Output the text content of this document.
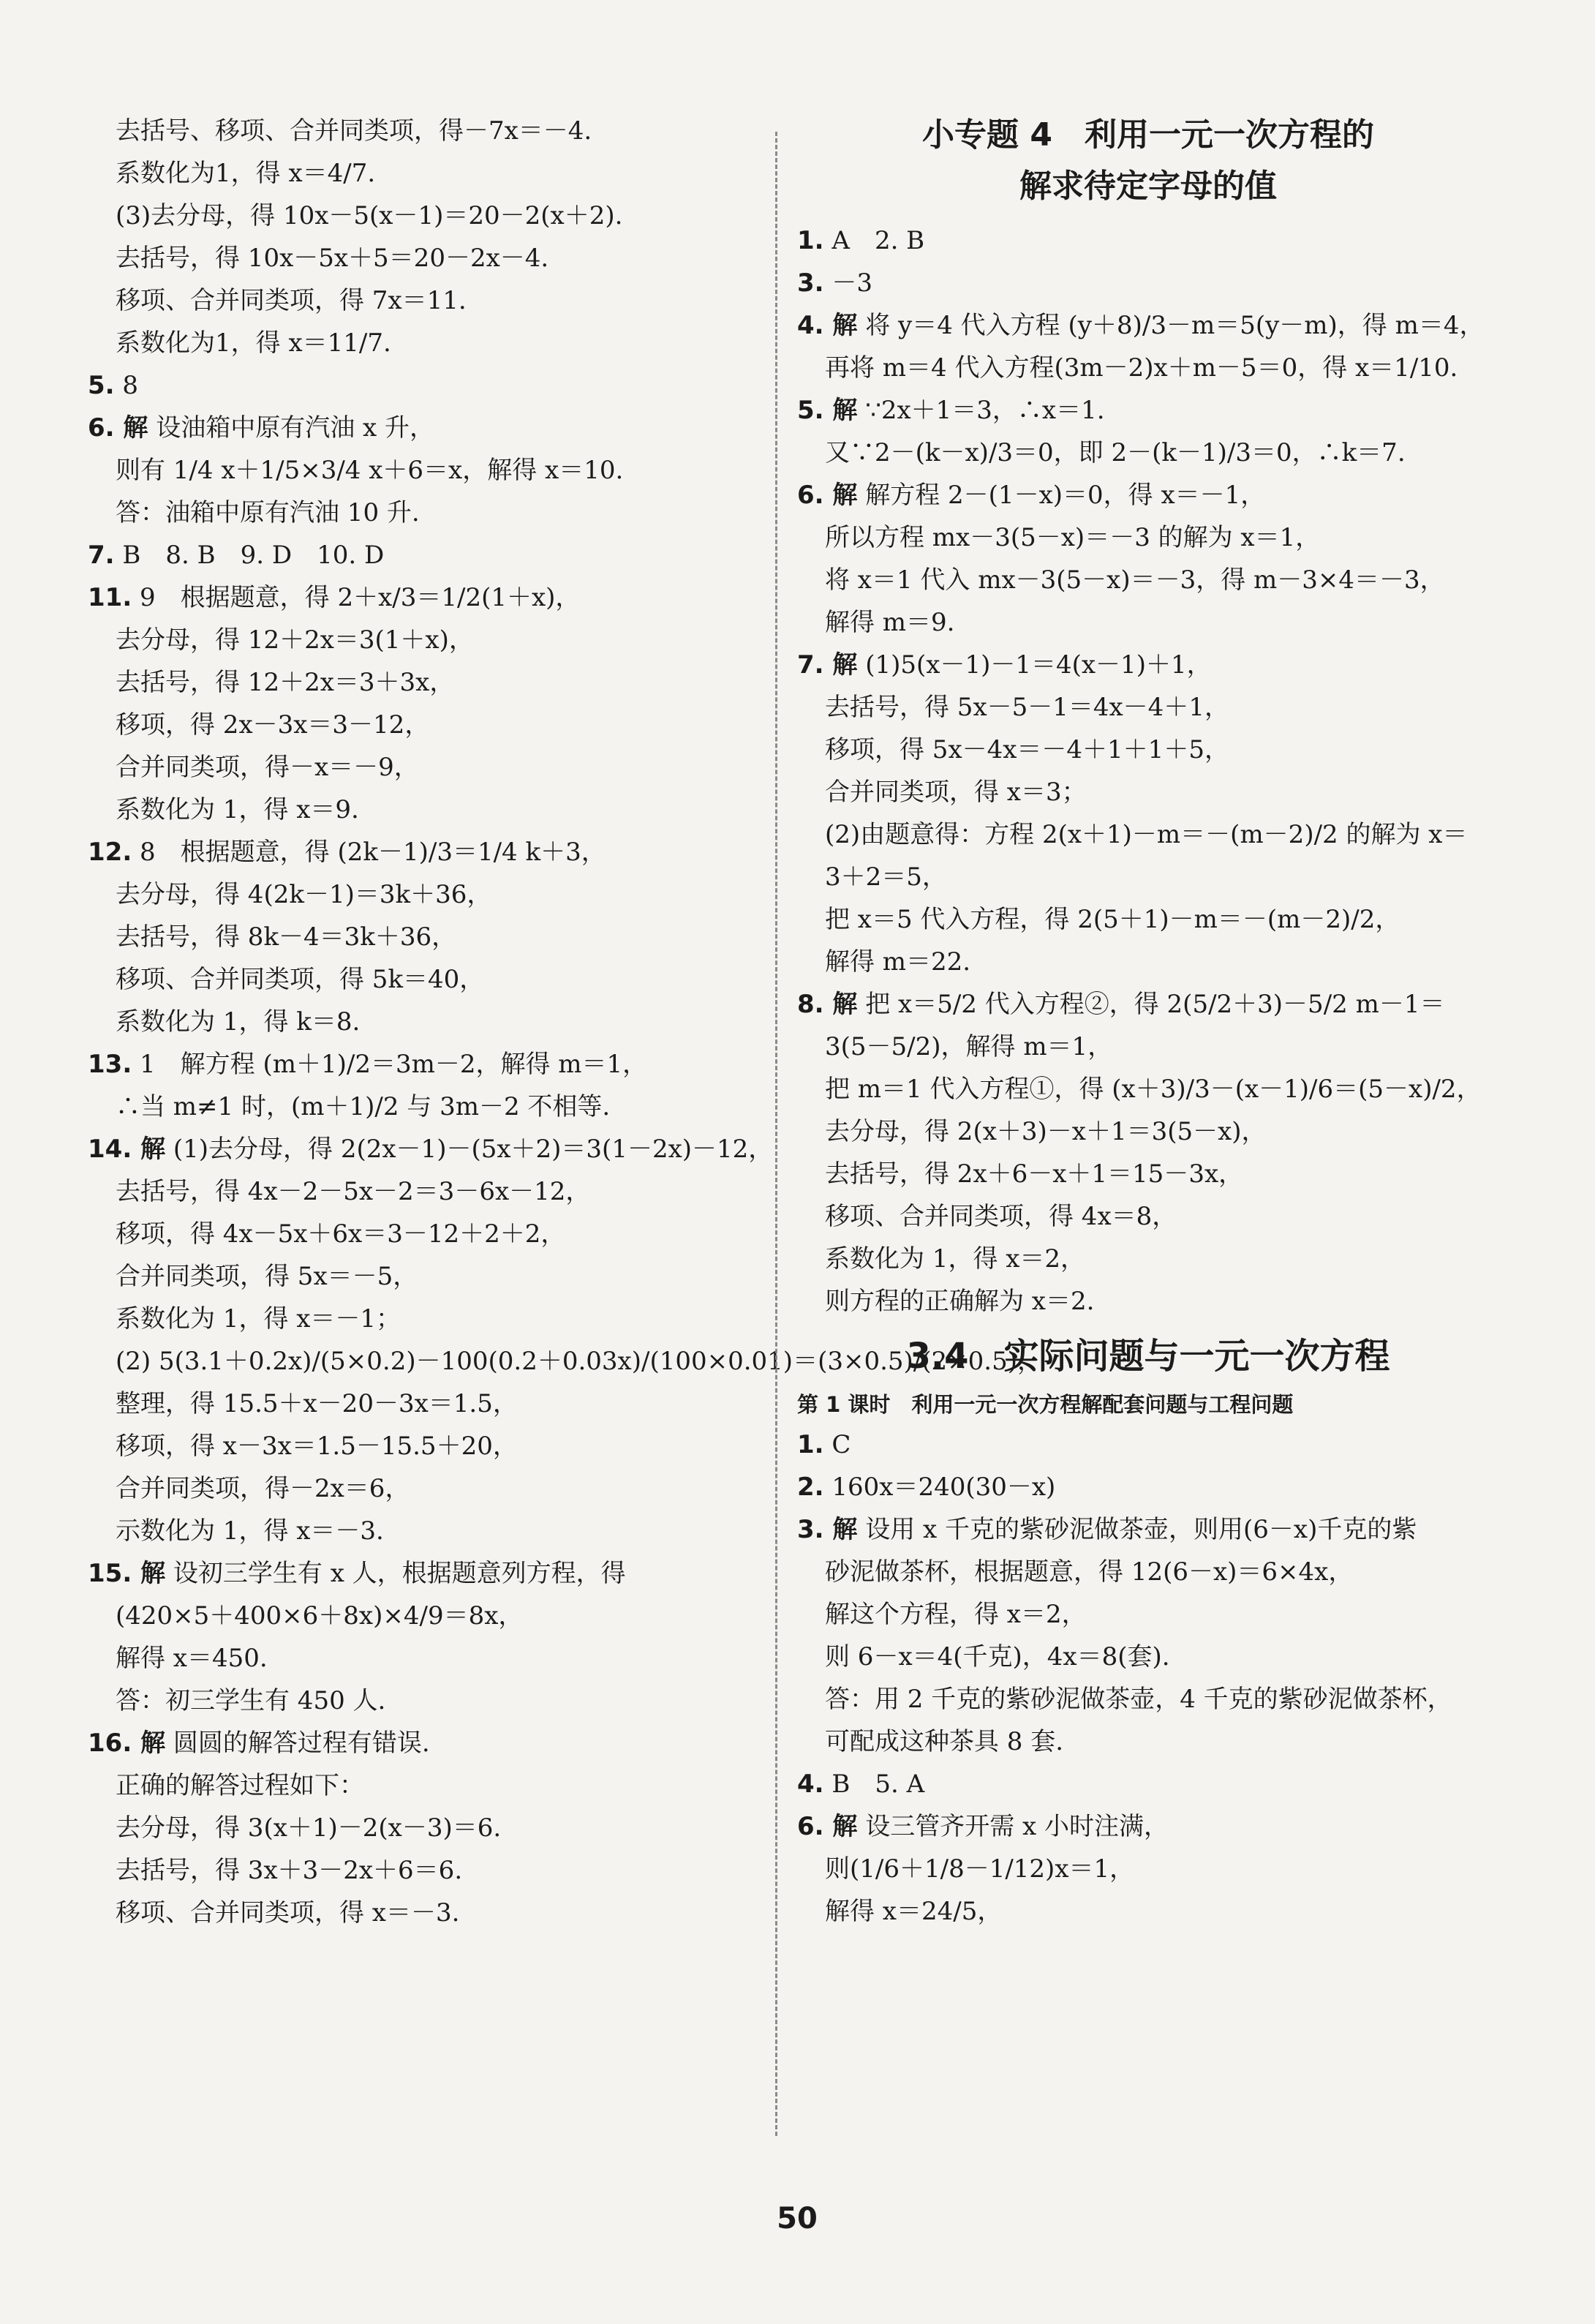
去括号、移项、合并同类项，得－7x＝－4.
系数化为1，得 x＝4/7.
(3)去分母，得 10x－5(x－1)＝20－2(x＋2).
去括号，得 10x－5x＋5＝20－2x－4.
移项、合并同类项，得 7x＝11.
系数化为1，得 x＝11/7.
5. 8
6. 解 设油箱中原有汽油 x 升，
则有 1/4 x＋1/5×3/4 x＋6＝x，解得 x＝10.
答：油箱中原有汽油 10 升.
7. B　8. B　9. D　10. D
11. 9　根据题意，得 2＋x/3＝1/2(1＋x)，
去分母，得 12＋2x＝3(1＋x)，
去括号，得 12＋2x＝3＋3x，
移项，得 2x－3x＝3－12，
合并同类项，得－x＝－9，
系数化为 1，得 x＝9.
12. 8　根据题意，得 (2k－1)/3＝1/4 k＋3，
去分母，得 4(2k－1)＝3k＋36，
去括号，得 8k－4＝3k＋36，
移项、合并同类项，得 5k＝40，
系数化为 1，得 k＝8.
13. 1　解方程 (m＋1)/2＝3m－2，解得 m＝1，
∴当 m≠1 时，(m＋1)/2 与 3m－2 不相等.
14. 解 (1)去分母，得 2(2x－1)－(5x＋2)＝3(1－2x)－12，
去括号，得 4x－2－5x－2＝3－6x－12，
移项，得 4x－5x＋6x＝3－12＋2＋2，
合并同类项，得 5x＝－5，
系数化为 1，得 x＝－1；
(2) 5(3.1＋0.2x)/(5×0.2)－100(0.2＋0.03x)/(100×0.01)＝(3×0.5)/(2×0.5)，
整理，得 15.5＋x－20－3x＝1.5，
移项，得 x－3x＝1.5－15.5＋20，
合并同类项，得－2x＝6，
示数化为 1，得 x＝－3.
15. 解 设初三学生有 x 人，根据题意列方程，得
(420×5＋400×6＋8x)×4/9＝8x，
解得 x＝450.
答：初三学生有 450 人.
16. 解 圆圆的解答过程有错误.
正确的解答过程如下：
去分母，得 3(x＋1)－2(x－3)＝6.
去括号，得 3x＋3－2x＋6＝6.
移项、合并同类项，得 x＝－3.
小专题 4　利用一元一次方程的
解求待定字母的值
1. A　2. B
3. －3
4. 解 将 y＝4 代入方程 (y＋8)/3－m＝5(y－m)，得 m＝4，
再将 m＝4 代入方程(3m－2)x＋m－5＝0，得 x＝1/10.
5. 解 ∵2x＋1＝3，∴x＝1.
又∵2－(k－x)/3＝0，即 2－(k－1)/3＝0，∴k＝7.
6. 解 解方程 2－(1－x)＝0，得 x＝－1，
所以方程 mx－3(5－x)＝－3 的解为 x＝1，
将 x＝1 代入 mx－3(5－x)＝－3，得 m－3×4＝－3，
解得 m＝9.
7. 解 (1)5(x－1)－1＝4(x－1)＋1，
去括号，得 5x－5－1＝4x－4＋1，
移项，得 5x－4x＝－4＋1＋1＋5，
合并同类项，得 x＝3；
(2)由题意得：方程 2(x＋1)－m＝－(m－2)/2 的解为 x＝
3＋2＝5，
把 x＝5 代入方程，得 2(5＋1)－m＝－(m－2)/2，
解得 m＝22.
8. 解 把 x＝5/2 代入方程②，得 2(5/2＋3)－5/2 m－1＝
3(5－5/2)，解得 m＝1，
把 m＝1 代入方程①，得 (x＋3)/3－(x－1)/6＝(5－x)/2，
去分母，得 2(x＋3)－x＋1＝3(5－x)，
去括号，得 2x＋6－x＋1＝15－3x，
移项、合并同类项，得 4x＝8，
系数化为 1，得 x＝2，
则方程的正确解为 x＝2.
3.4　实际问题与一元一次方程
第 1 课时　利用一元一次方程解配套问题与工程问题
1. C
2. 160x＝240(30－x)
3. 解 设用 x 千克的紫砂泥做茶壶，则用(6－x)千克的紫
砂泥做茶杯，根据题意，得 12(6－x)＝6×4x，
解这个方程，得 x＝2，
则 6－x＝4(千克)，4x＝8(套).
答：用 2 千克的紫砂泥做茶壶，4 千克的紫砂泥做茶杯，
可配成这种茶具 8 套.
4. B　5. A
6. 解 设三管齐开需 x 小时注满，
则(1/6＋1/8－1/12)x＝1，
解得 x＝24/5，
50
